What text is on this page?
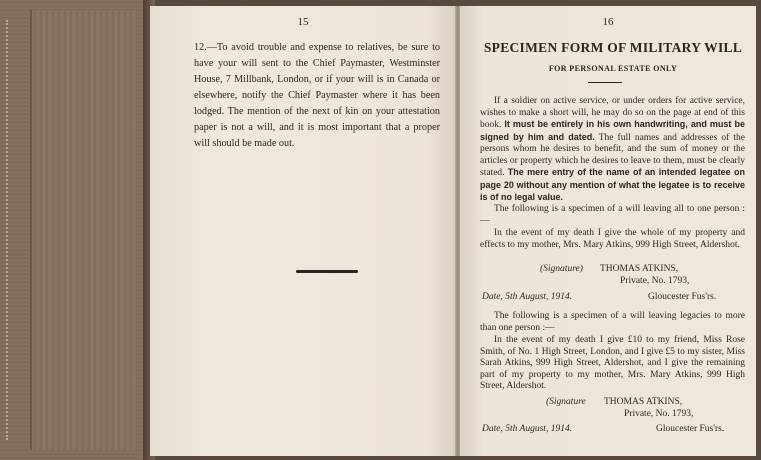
15
12.—To avoid trouble and expense to relatives, be sure to have your will sent to the Chief Paymaster, Westminster House, 7 Millbank, London, or if your will is in Canada or elsewhere, notify the Chief Paymaster where it has been lodged. The mention of the next of kin on your attestation paper is not a will, and it is most important that a proper will should be made out.
16
SPECIMEN FORM OF MILITARY WILL
FOR PERSONAL ESTATE ONLY
If a soldier on active service, or under orders for active service, wishes to make a short will, he may do so on the page at end of this book. It must be entirely in his own handwriting, and must be signed by him and dated. The full names and addresses of the persons whom he desires to benefit, and the sum of money or the articles or property which he desires to leave to them, must be clearly stated. The mere entry of the name of an intended legatee on page 20 without any mention of what the legatee is to receive is of no legal value.
The following is a specimen of a will leaving all to one person :—
In the event of my death I give the whole of my property and effects to my mother, Mrs. Mary Atkins, 999 High Street, Aldershot.
(Signature) THOMAS ATKINS,
Private, No. 1793,
Date, 5th August, 1914.	Gloucester Fus'rs.
The following is a specimen of a will leaving legacies to more than one person :—
In the event of my death I give £10 to my friend, Miss Rose Smith, of No. 1 High Street, London, and I give £5 to my sister, Miss Sarah Atkins, 999 High Street, Aldershot, and I give the remaining part of my property to my mother, Mrs. Mary Atkins, 999 High Street, Aldershot.
(Signature THOMAS ATKINS,
Private, No. 1793,
Date, 5th August, 1914.	Gloucester Fus'rs.
